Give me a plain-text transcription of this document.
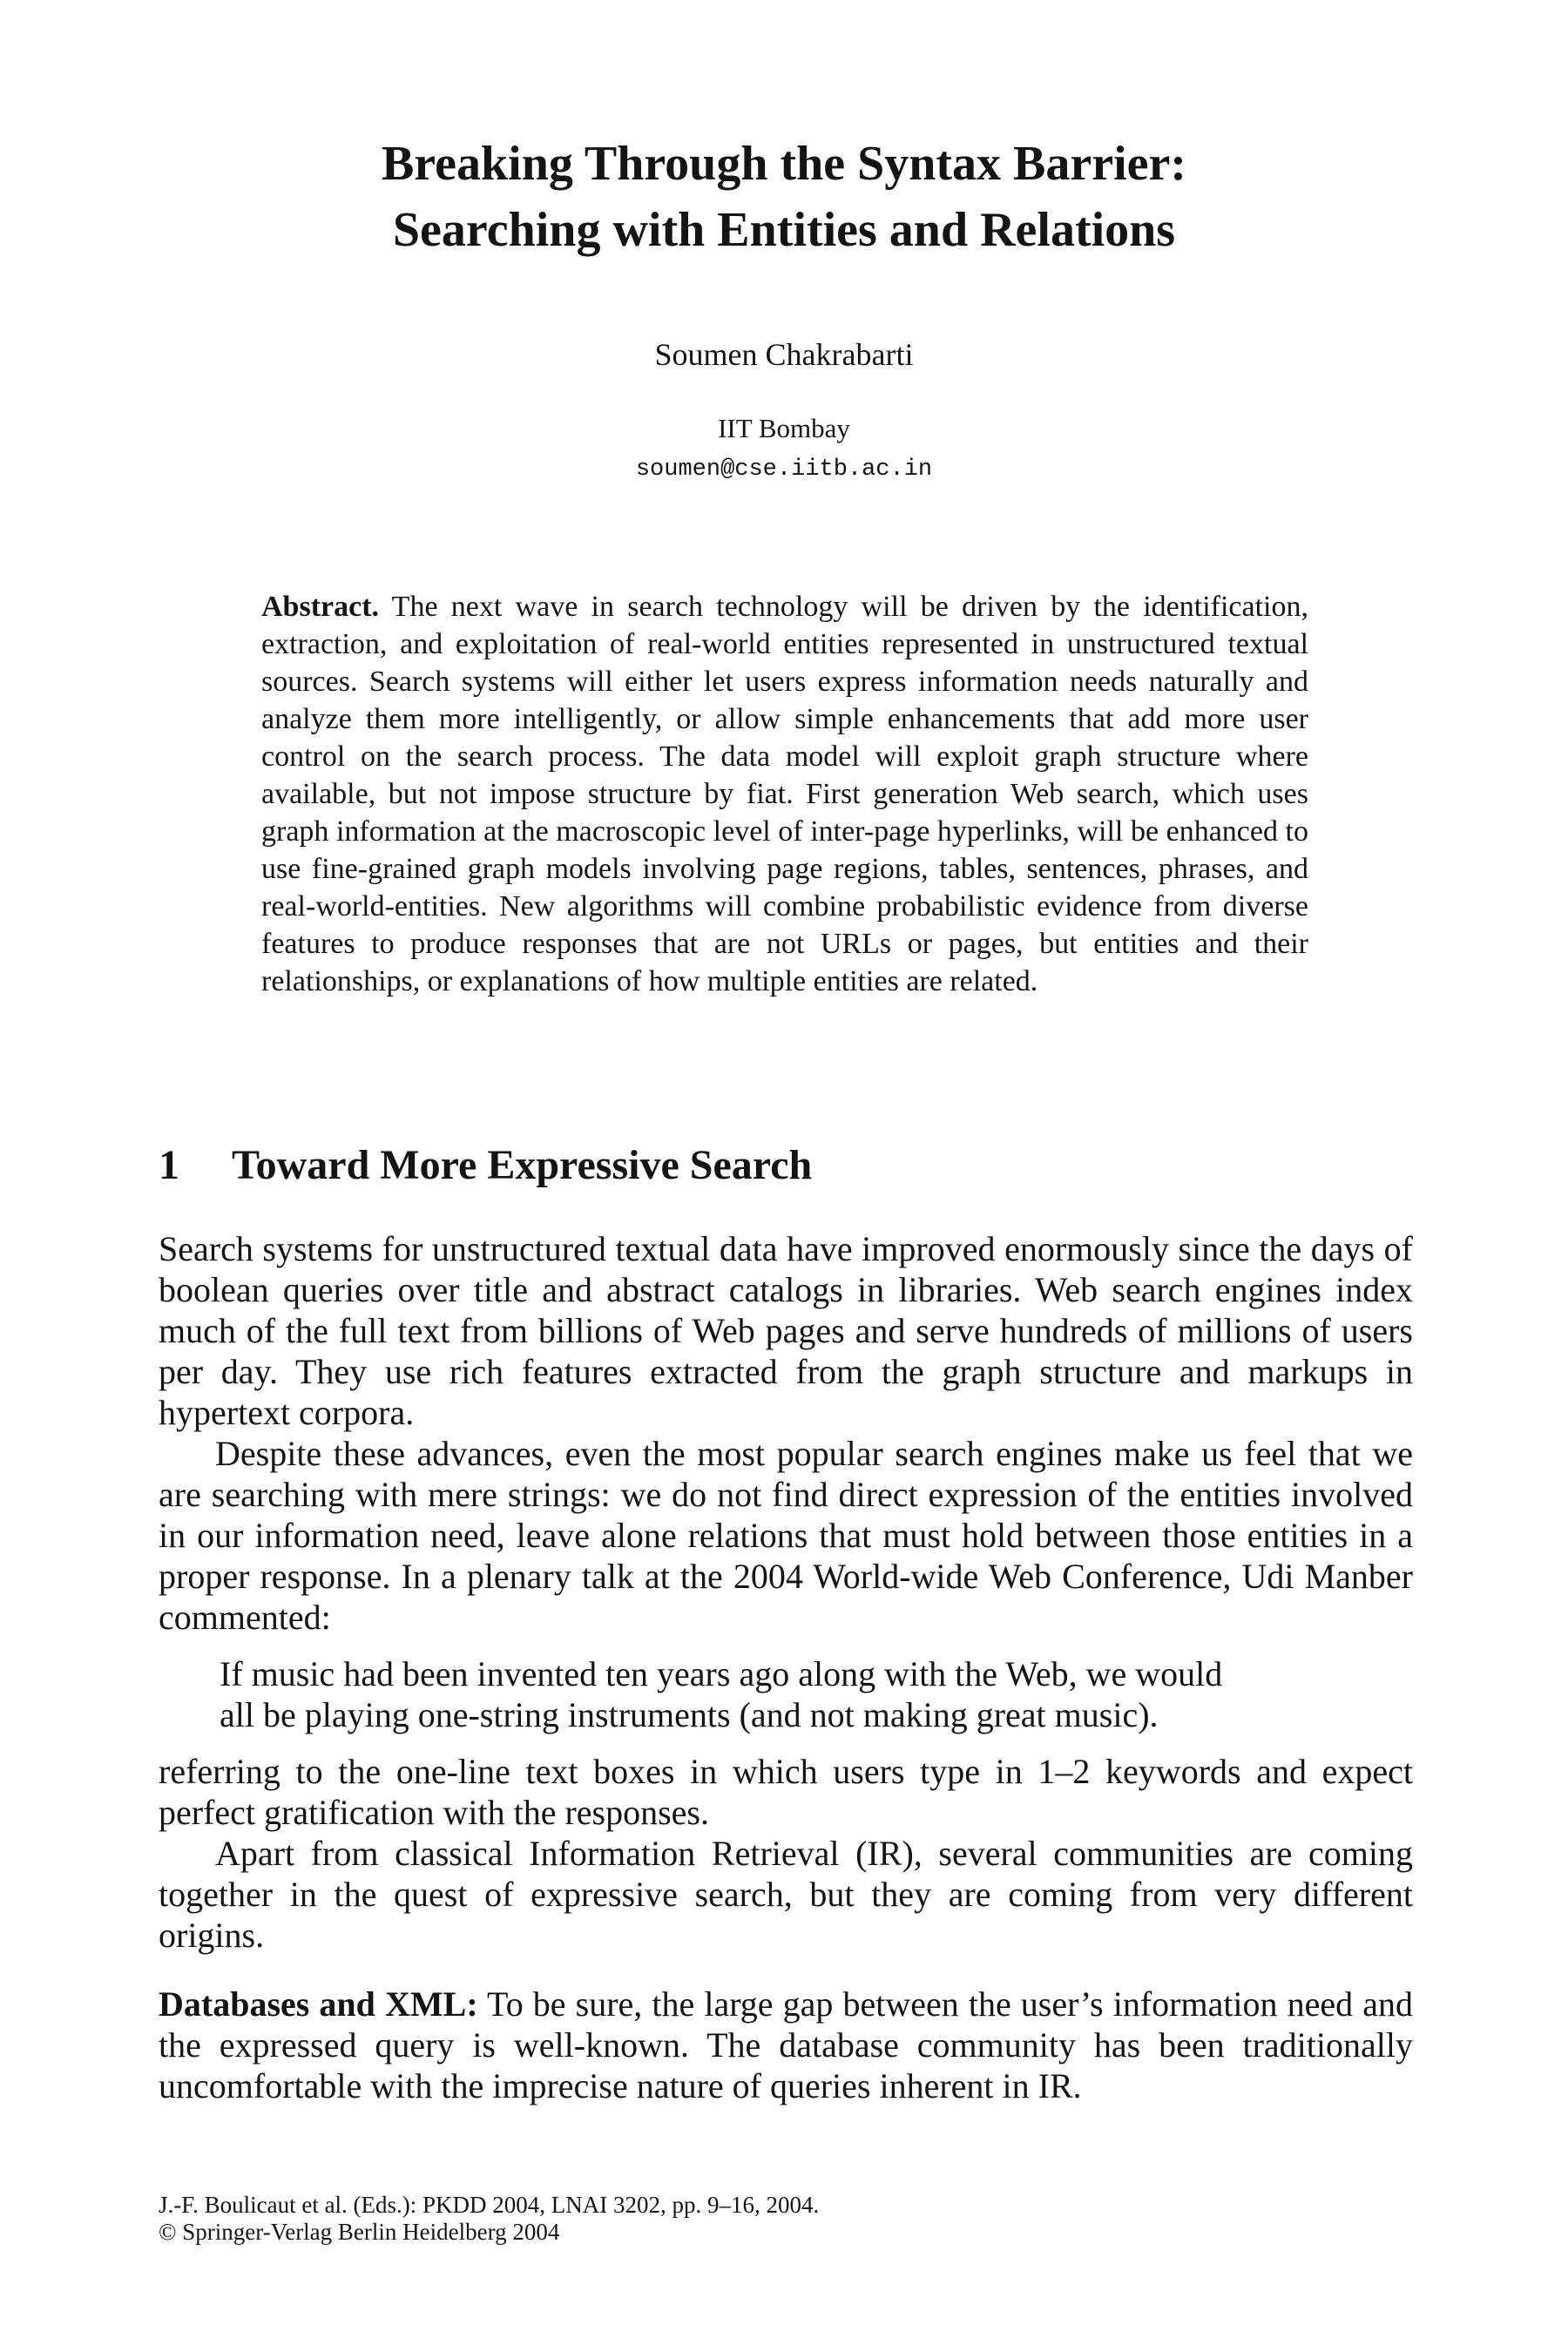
Breaking Through the Syntax Barrier:
Searching with Entities and Relations
Soumen Chakrabarti
IIT Bombay
soumen@cse.iitb.ac.in

Abstract. The next wave in search technology will be driven by the identification, extraction, and exploitation of real-world entities represented in unstructured textual sources. Search systems will either let users express information needs naturally and analyze them more intelligently, or allow simple enhancements that add more user control on the search process. The data model will exploit graph structure where available, but not impose structure by fiat. First generation Web search, which uses graph information at the macroscopic level of inter-page hyperlinks, will be enhanced to use fine-grained graph models involving page regions, tables, sentences, phrases, and real-world-entities. New algorithms will combine probabilistic evidence from diverse features to produce responses that are not URLs or pages, but entities and their relationships, or explanations of how multiple entities are related.

1 Toward More Expressive Search

Search systems for unstructured textual data have improved enormously since the days of boolean queries over title and abstract catalogs in libraries. Web search engines index much of the full text from billions of Web pages and serve hundreds of millions of users per day. They use rich features extracted from the graph structure and markups in hypertext corpora.

Despite these advances, even the most popular search engines make us feel that we are searching with mere strings: we do not find direct expression of the entities involved in our information need, leave alone relations that must hold between those entities in a proper response. In a plenary talk at the 2004 World-wide Web Conference, Udi Manber commented:

If music had been invented ten years ago along with the Web, we would
all be playing one-string instruments (and not making great music).

referring to the one-line text boxes in which users type in 1–2 keywords and expect perfect gratification with the responses.

Apart from classical Information Retrieval (IR), several communities are coming together in the quest of expressive search, but they are coming from very different origins.

Databases and XML: To be sure, the large gap between the user’s information need and the expressed query is well-known. The database community has been traditionally uncomfortable with the imprecise nature of queries inherent in IR.

J.-F. Boulicaut et al. (Eds.): PKDD 2004, LNAI 3202, pp. 9–16, 2004.
© Springer-Verlag Berlin Heidelberg 2004
